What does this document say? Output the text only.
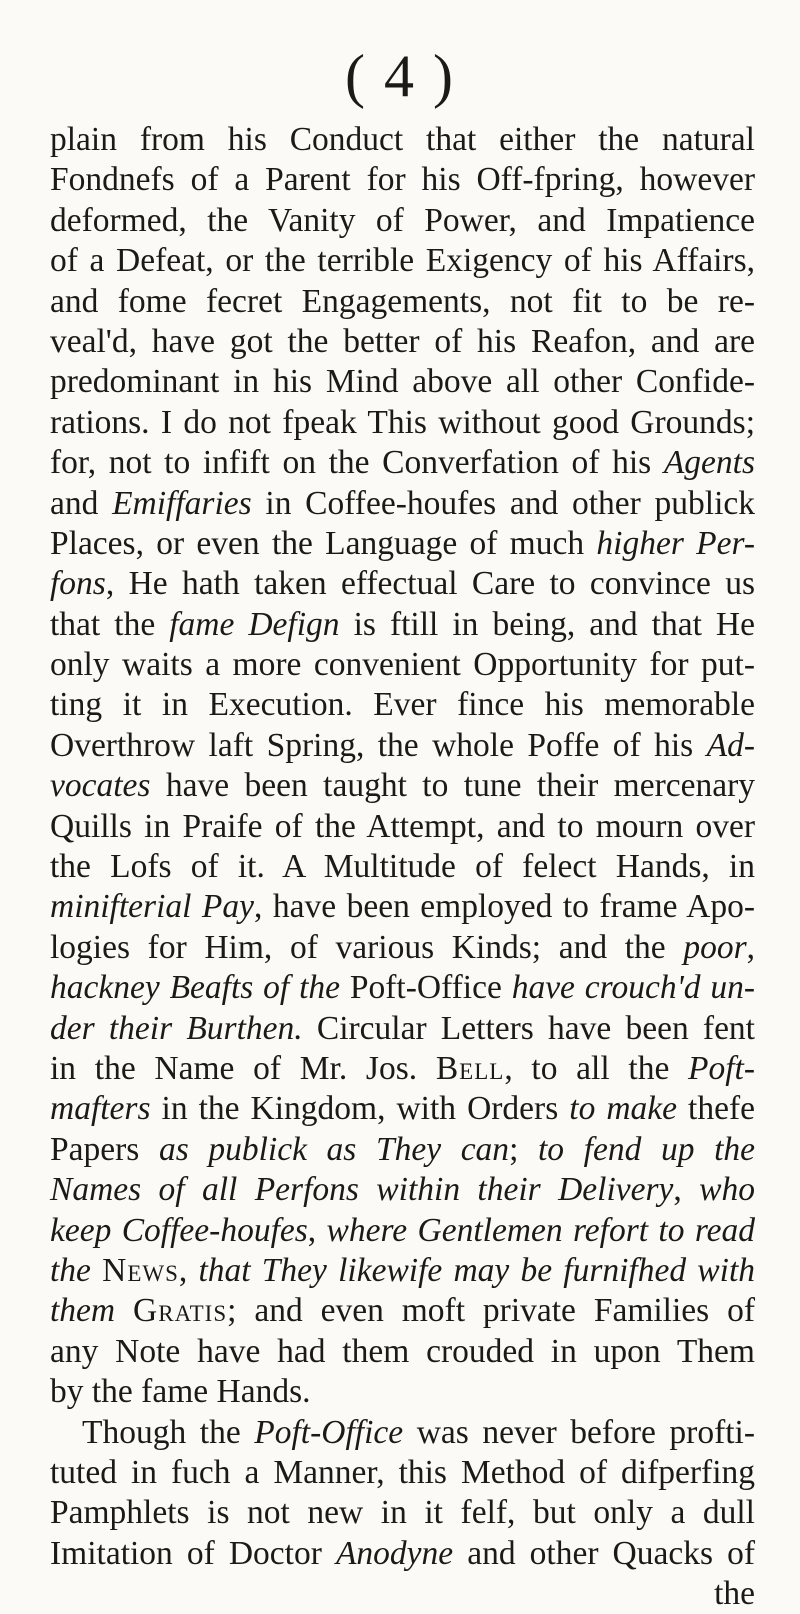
( 4 )
plain from his Conduct that either the natural
Fondnefs of a Parent for his Off-fpring, however
deformed, the Vanity of Power, and Impatience
of a Defeat, or the terrible Exigency of his Affairs,
and fome fecret Engagements, not fit to be re-
veal'd, have got the better of his Reafon, and are
predominant in his Mind above all other Confide-
rations. I do not fpeak This without good Grounds;
for, not to infift on the Converfation of his Agents
and Emiffaries in Coffee-houfes and other publick
Places, or even the Language of much higher Per-
fons, He hath taken effectual Care to convince us
that the fame Defign is ftill in being, and that He
only waits a more convenient Opportunity for put-
ting it in Execution. Ever fince his memorable
Overthrow laft Spring, the whole Poffe of his Ad-
vocates have been taught to tune their mercenary
Quills in Praife of the Attempt, and to mourn over
the Lofs of it. A Multitude of felect Hands, in
minifterial Pay, have been employed to frame Apo-
logies for Him, of various Kinds; and the poor,
hackney Beafts of the Poft-Office have crouch'd un-
der their Burthen. Circular Letters have been fent
in the Name of Mr. Jos. Bell, to all the Poft-
mafters in the Kingdom, with Orders to make thefe
Papers as publick as They can; to fend up the
Names of all Perfons within their Delivery, who
keep Coffee-houfes, where Gentlemen refort to read
the News, that They likewife may be furnifhed with
them Gratis; and even moft private Families of
any Note have had them crouded in upon Them
by the fame Hands.
Though the Poft-Office was never before profti-
tuted in fuch a Manner, this Method of difperfing
Pamphlets is not new in it felf, but only a dull
Imitation of Doctor Anodyne and other Quacks of
the
